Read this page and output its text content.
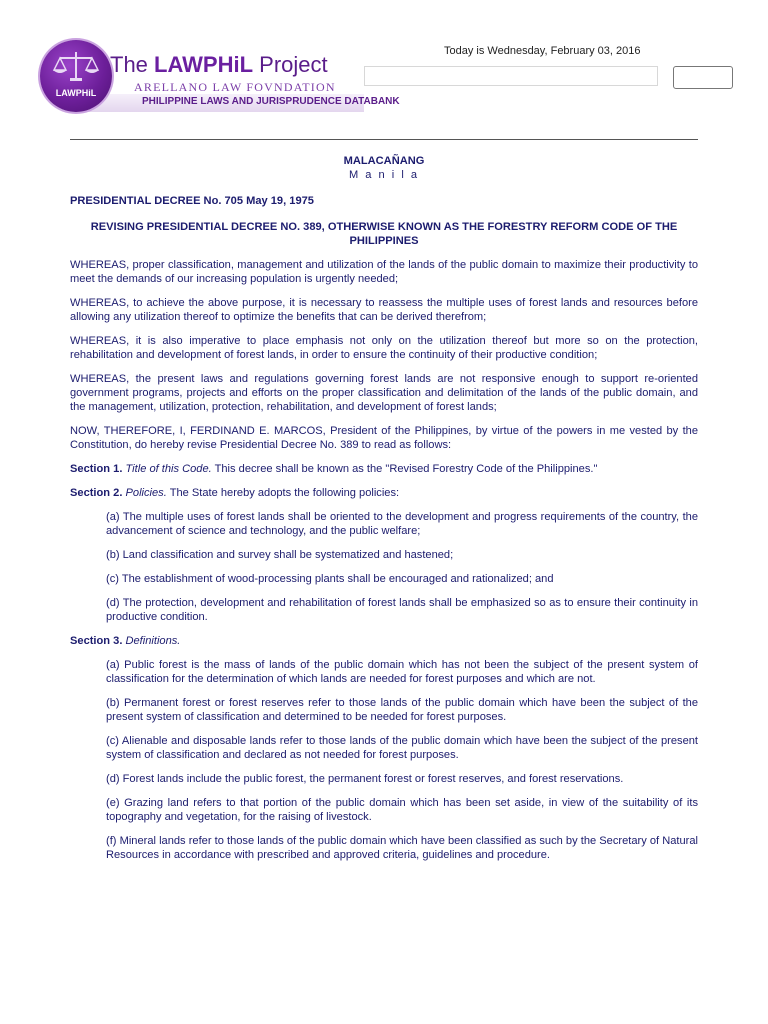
PHILIPPINE LAWS AND JURISPRUDENCE DATABANK
LAWPHiL
The LAWPHiL Project
ARELLANO LAW FOVNDATION
Today is Wednesday, February 03, 2016
MALACAÑANG
M a n i l a
PRESIDENTIAL DECREE No. 705 May 19, 1975
REVISING PRESIDENTIAL DECREE NO. 389, OTHERWISE KNOWN AS THE FORESTRY REFORM CODE OF THE PHILIPPINES

WHEREAS, proper classification, management and utilization of the lands of the public domain to maximize their productivity to meet the demands of our increasing population is urgently needed;

WHEREAS, to achieve the above purpose, it is necessary to reassess the multiple uses of forest lands and resources before allowing any utilization thereof to optimize the benefits that can be derived therefrom;

WHEREAS, it is also imperative to place emphasis not only on the utilization thereof but more so on the protection, rehabilitation and development of forest lands, in order to ensure the continuity of their productive condition;

WHEREAS, the present laws and regulations governing forest lands are not responsive enough to support re-oriented government programs, projects and efforts on the proper classification and delimitation of the lands of the public domain, and the management, utilization, protection, rehabilitation, and development of forest lands;

NOW, THEREFORE, I, FERDINAND E. MARCOS, President of the Philippines, by virtue of the powers in me vested by the Constitution, do hereby revise Presidential Decree No. 389 to read as follows:

Section 1. Title of this Code. This decree shall be known as the "Revised Forestry Code of the Philippines."

Section 2. Policies. The State hereby adopts the following policies:

(a) The multiple uses of forest lands shall be oriented to the development and progress requirements of the country, the advancement of science and technology, and the public welfare;

(b) Land classification and survey shall be systematized and hastened;

(c) The establishment of wood-processing plants shall be encouraged and rationalized; and

(d) The protection, development and rehabilitation of forest lands shall be emphasized so as to ensure their continuity in productive condition.

Section 3. Definitions.

(a) Public forest is the mass of lands of the public domain which has not been the subject of the present system of classification for the determination of which lands are needed for forest purposes and which are not.

(b) Permanent forest or forest reserves refer to those lands of the public domain which have been the subject of the present system of classification and determined to be needed for forest purposes.

(c) Alienable and disposable lands refer to those lands of the public domain which have been the subject of the present system of classification and declared as not needed for forest purposes.

(d) Forest lands include the public forest, the permanent forest or forest reserves, and forest reservations.

(e) Grazing land refers to that portion of the public domain which has been set aside, in view of the suitability of its topography and vegetation, for the raising of livestock.

(f) Mineral lands refer to those lands of the public domain which have been classified as such by the Secretary of Natural Resources in accordance with prescribed and approved criteria, guidelines and procedure.
